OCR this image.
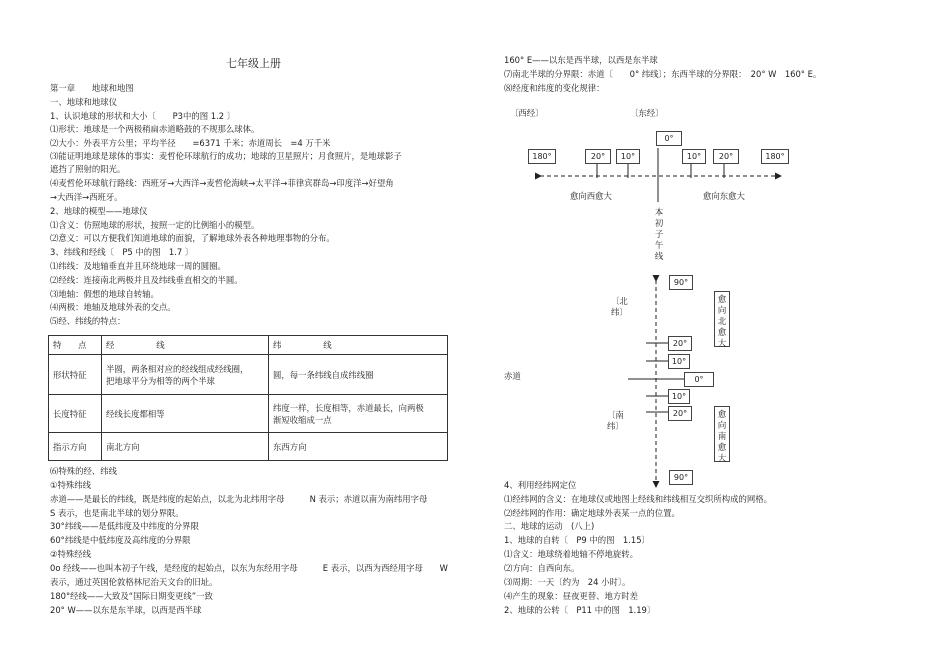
七年级上册
第一章　　地球和地图
一、地球和地球仪
1、认识地球的形状和大小〔　　P3中的图 1.2 〕
⑴形状：地球是一个两极稍扁赤道略鼓的不规那么球体。
⑵大小：外表平方公里；平均半径　　=6371 千米；赤道周长　=4 万千米
⑶能证明地球是球体的事实：麦哲伦环球航行的成功；地球的卫星照片；月食照片，是地球影子
遮挡了照射的阳光。
⑷麦哲伦环球航行路线：西班牙→大西洋→麦哲伦海峡→太平洋→菲律宾群岛→印度洋→好望角
→大西洋→西班牙。
2、地球的模型——地球仪
⑴含义：仿照地球的形状，按照一定的比例缩小的模型。
⑵意义：可以方便我们知道地球的面貌，了解地球外表各种地理事物的分布。
3、纬线和经线〔　P5 中的图　1.7 〕
⑴纬线：及地轴垂直并且环绕地球一周的圆圈。
⑵经线：连接南北两极并且及纬线垂直相交的半圆。
⑶地轴：假想的地球自转轴。
⑷两极：地轴及地球外表的交点。
⑸经、纬线的特点：
特　　点	经　　　　　线	纬　　　　　线
形状特征	半圆，两条相对应的经线组成经线圈，
把地球平分为相等的两个半球	圆，每一条纬线自成纬线圈
长度特征	经线长度都相等	纬度一样，长度相等，赤道最长，向两极
渐短收缩成一点

指示方向	南北方向	东西方向
⑹特殊的经、纬线
①特殊纬线
赤道——是最长的纬线，既是纬度的起始点，以北为北纬用字母　　　N 表示；赤道以南为南纬用字母
S 表示，也是南北半球的划分界限。
30°纬线——是低纬度及中纬度的分界限
60°纬线是中低纬度及高纬度的分界限
②特殊经线
0o 经线——也叫本初子午线，是经度的起始点，以东为东经用字母　　　E 表示，以西为西经用字母　　W
表示，通过英国伦敦格林尼治天文台的旧址。
180°经线——大致及“国际日期变更线”一致
20° W——以东是东半球，以西是西半球
160° E——以东是西半球，以西是东半球
⑺南北半球的分界限：赤道〔　　0° 纬线〕；东西半球的分界限：　20° W　160° E。
⑻经度和纬度的变化规律：
〔西经〕	〔东经〕
180°	20°	10°
0°
10°	20°	180°
愈向西愈大	愈向东愈大
本初子午线
90°
20°
10°
0°
10°
20°
90°
〔北纬〕
〔南纬〕
愈向北愈大
愈向南愈大
赤道
4、利用经纬网定位
⑴经纬网的含义：在地球仪或地图上经线和纬线相互交织所构成的网格。
⑵经纬网的作用：确定地球外表某一点的位置。
二、地球的运动　(八上)
1、地球的自转〔　P9 中的图　1.15〕
⑴含义：地球绕着地轴不停地旋转。
⑵方向：自西向东。
⑶周期：一天〔约为　24 小时〕。
⑷产生的现象：昼夜更替、地方时差
2、地球的公转〔　P11 中的图　1.19〕
